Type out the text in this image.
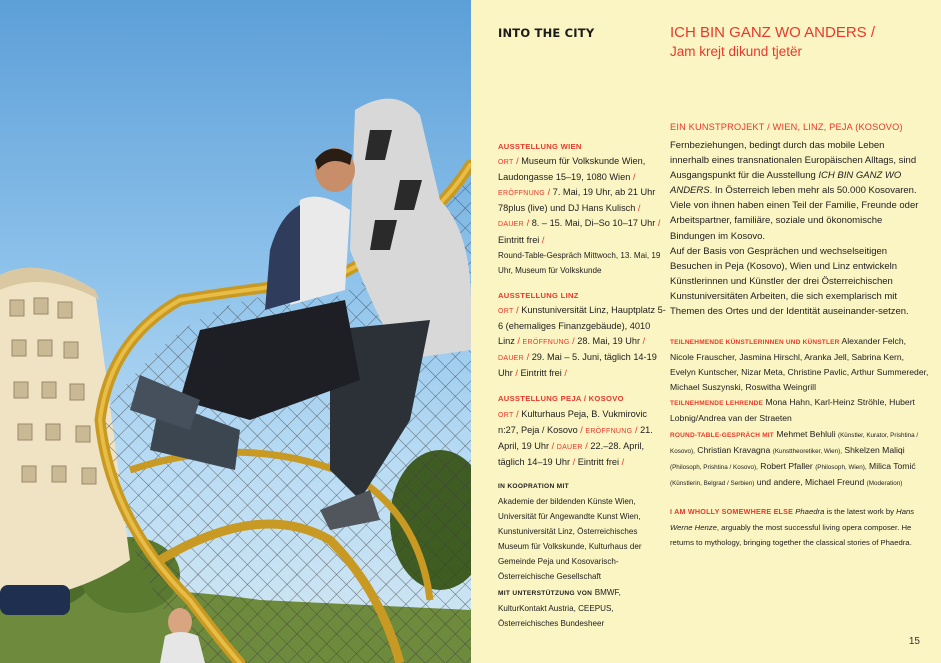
INTO THE CITY	ICH BIN GANZ WO ANDERS /
Jam krejt dikund tjetër
EIN KUNSTPROJEKT / WIEN, LINZ, PEJA (KOSOVO)
AUSSTELLUNG WIEN
ORT / Museum für Volkskunde Wien, Laudongasse 15–19, 1080 Wien / ERÖFFNUNG / 7. Mai, 19 Uhr, ab 21 Uhr 78plus (live) und DJ Hans Kulisch / DAUER / 8. – 15. Mai, Di–So 10–17 Uhr / Eintritt frei /
Round-Table-Gespräch Mittwoch, 13. Mai, 19 Uhr, Museum für Volkskunde
AUSSTELLUNG LINZ
ORT / Kunstuniversität Linz, Hauptplatz 5-6 (ehemaliges Finanzgebäude), 4010 Linz / ERÖFFNUNG / 28. Mai, 19 Uhr / DAUER / 29. Mai – 5. Juni, täglich 14-19 Uhr / Eintritt frei /
AUSSTELLUNG PEJA / KOSOVO
ORT / Kulturhaus Peja, B. Vukmirovic n:27, Peja / Kosovo / ERÖFFNUNG / 21. April, 19 Uhr / DAUER / 22.–28. April, täglich 14–19 Uhr / Eintritt frei /
IN KOOPRATION MIT
Akademie der bildenden Künste Wien, Universität für Angewandte Kunst Wien, Kunstuniversität Linz, Österreichisches Museum für Volkskunde, Kulturhaus der Gemeinde Peja und Kosovarisch-Österreichische Gesellschaft
MIT UNTERSTÜTZUNG VON BMWF, KulturKontakt Austria, CEEPUS, Österreichisches Bundesheer
Fernbeziehungen, bedingt durch das mobile Leben innerhalb eines transnationalen Europäischen Alltags, sind Ausgangspunkt für die Ausstellung ICH BIN GANZ WO ANDERS. In Österreich leben mehr als 50.000 Kosovaren. Viele von ihnen haben einen Teil der Familie, Freunde oder Arbeitspartner, familiäre, soziale und ökonomische Bindungen im Kosovo.
Auf der Basis von Gesprächen und wechselseitigen Besuchen in Peja (Kosovo), Wien und Linz entwickeln Künstlerinnen und Künstler der drei Österreichischen Kunstuniversitäten Arbeiten, die sich exemplarisch mit Themen des Ortes und der Identität auseinander-setzen.
TEILNEHMENDE KÜNSTLERINNEN UND KÜNSTLER Alexander Felch, Nicole Frauscher, Jasmina Hirschl, Aranka Jell, Sabrina Kern, Evelyn Kuntscher, Nizar Meta, Christine Pavlic, Arthur Summereder, Michael Suszynski, Roswitha Weingrill
TEILNEHMENDE LEHRENDE Mona Hahn, Karl-Heinz Ströhle, Hubert Lobnig/Andrea van der Straeten
ROUND-TABLE-GESPRÄCH MIT Mehmet Behluli (Künstler, Kurator, Prishtina / Kosovo), Christian Kravagna (Kunsttheoretiker, Wien), Shkelzen Maliqi (Philosoph, Prishtina / Kosovo), Robert Pfaller (Philosoph, Wien), Milica Tomić (Künstlerin, Belgrad / Serbien) und andere, Michael Freund (Moderation)
I AM WHOLLY SOMEWHERE ELSE Phaedra is the latest work by Hans Werne Henze, arguably the most successful living opera composer. He returns to mythology, bringing together the classical stories of Phaedra.
15
